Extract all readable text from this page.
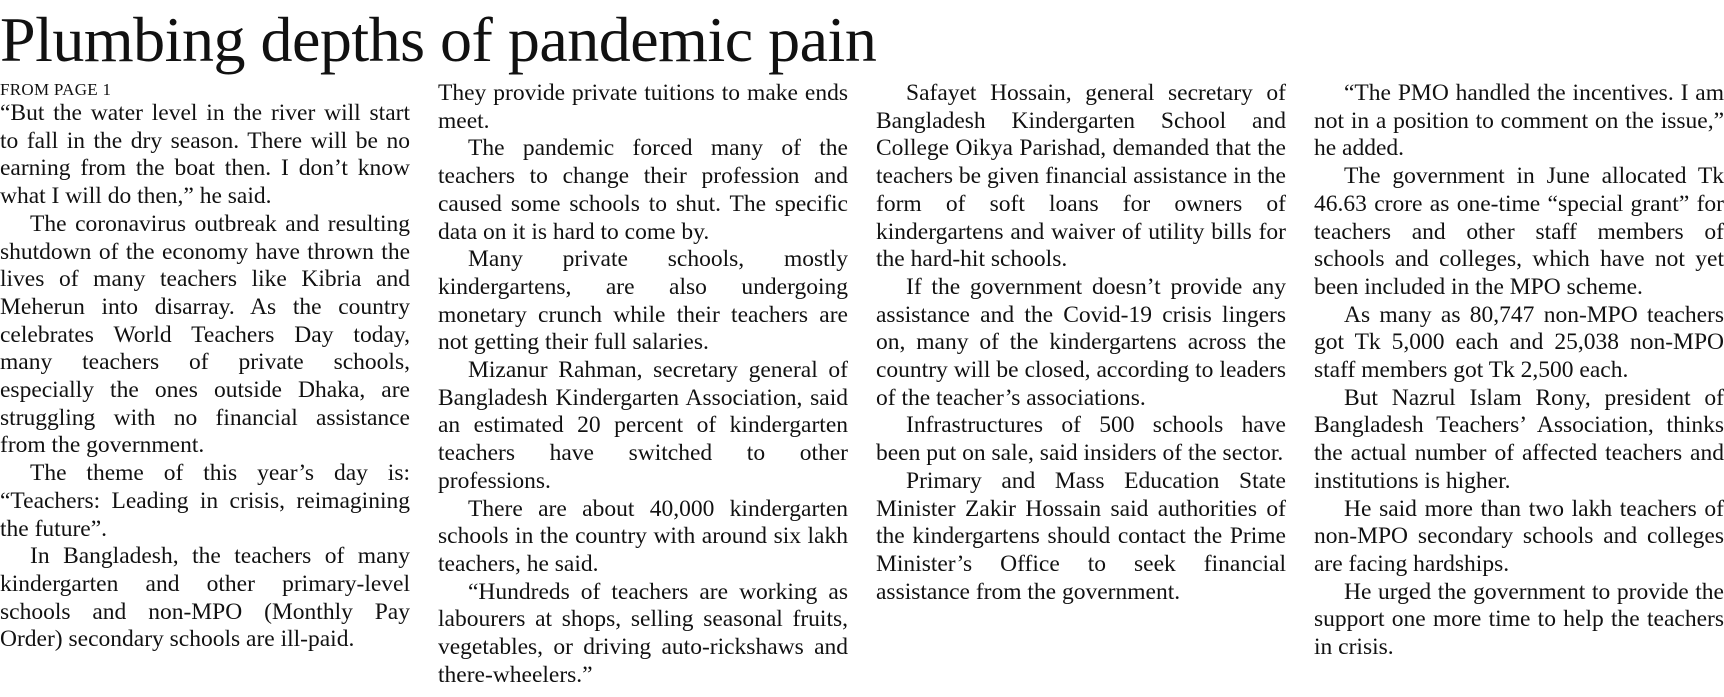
Plumbing depths of pandemic pain
FROM PAGE 1

“But the water level in the river will start to fall in the dry season. There will be no earning from the boat then. I don’t know what I will do then,” he said.

The coronavirus outbreak and resulting shutdown of the economy have thrown the lives of many teachers like Kibria and Meherun into disarray. As the country celebrates World Teachers Day today, many teachers of private schools, especially the ones outside Dhaka, are struggling with no financial assistance from the government.

The theme of this year’s day is: “Teachers: Leading in crisis, reimagining the future”.

In Bangladesh, the teachers of many kindergarten and other primary-level schools and non-MPO (Monthly Pay Order) secondary schools are ill-paid.

They provide private tuitions to make ends meet.

The pandemic forced many of the teachers to change their profession and caused some schools to shut. The specific data on it is hard to come by.

Many private schools, mostly kindergartens, are also undergoing monetary crunch while their teachers are not getting their full salaries.

Mizanur Rahman, secretary general of Bangladesh Kindergarten Association, said an estimated 20 percent of kindergarten teachers have switched to other professions.

There are about 40,000 kindergarten schools in the country with around six lakh teachers, he said.

“Hundreds of teachers are working as labourers at shops, selling seasonal fruits, vegetables, or driving auto-rickshaws and there-wheelers.”

Safayet Hossain, general secretary of Bangladesh Kindergarten School and College Oikya Parishad, demanded that the teachers be given financial assistance in the form of soft loans for owners of kindergartens and waiver of utility bills for the hard-hit schools.

If the government doesn’t provide any assistance and the Covid-19 crisis lingers on, many of the kindergartens across the country will be closed, according to leaders of the teacher’s associations.

Infrastructures of 500 schools have been put on sale, said insiders of the sector.

Primary and Mass Education State Minister Zakir Hossain said authorities of the kindergartens should contact the Prime Minister’s Office to seek financial assistance from the government.

“The PMO handled the incentives. I am not in a position to comment on the issue,” he added.

The government in June allocated Tk 46.63 crore as one-time “special grant” for teachers and other staff members of schools and colleges, which have not yet been included in the MPO scheme.

As many as 80,747 non-MPO teachers got Tk 5,000 each and 25,038 non-MPO staff members got Tk 2,500 each.

But Nazrul Islam Rony, president of Bangladesh Teachers’ Association, thinks the actual number of affected teachers and institutions is higher.

He said more than two lakh teachers of non-MPO secondary schools and colleges are facing hardships.

He urged the government to provide the support one more time to help the teachers in crisis.
